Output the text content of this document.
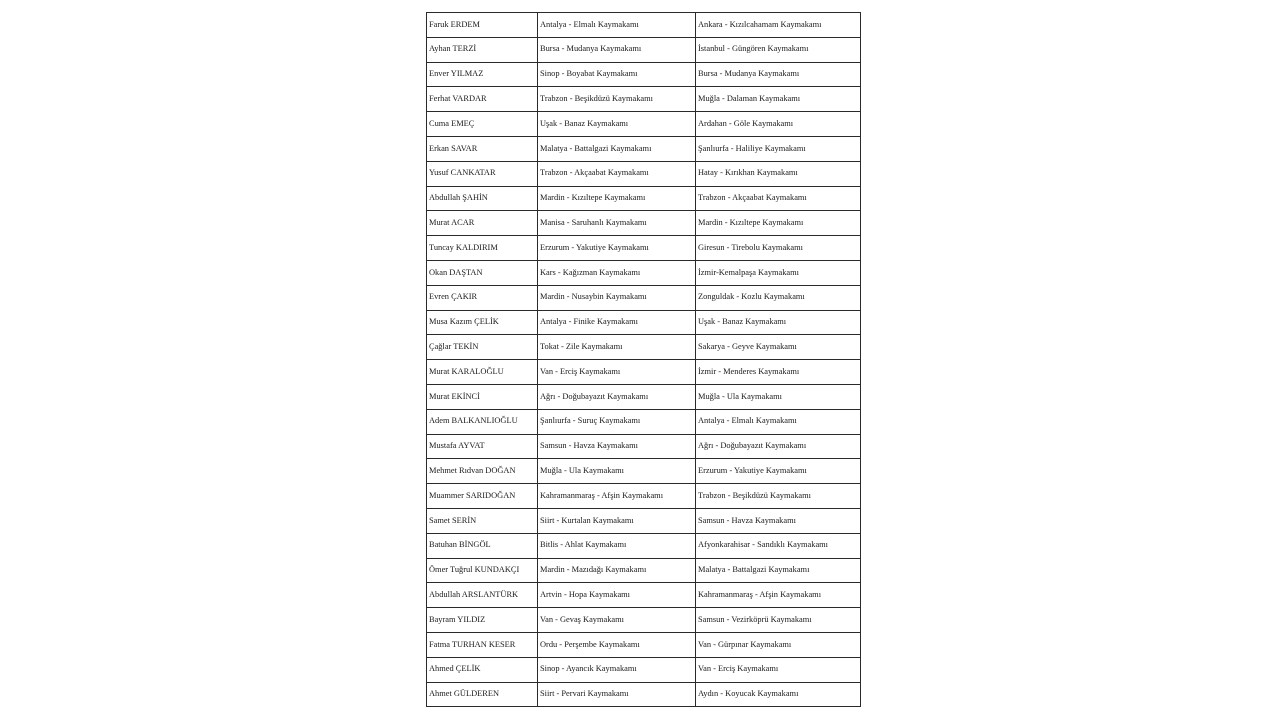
Faruk ERDEM	Antalya - Elmalı Kaymakamı	Ankara - Kızılcahamam Kaymakamı
Ayhan TERZİ	Bursa - Mudanya Kaymakamı	İstanbul - Güngören Kaymakamı
Enver YILMAZ	Sinop - Boyabat Kaymakamı	Bursa - Mudanya Kaymakamı
Ferhat VARDAR	Trabzon - Beşikdüzü Kaymakamı	Muğla - Dalaman Kaymakamı
Cuma EMEÇ	Uşak - Banaz Kaymakamı	Ardahan - Göle Kaymakamı
Erkan SAVAR	Malatya - Battalgazi Kaymakamı	Şanlıurfa - Haliliye Kaymakamı
Yusuf CANKATAR	Trabzon - Akçaabat Kaymakamı	Hatay - Kırıkhan Kaymakamı
Abdullah ŞAHİN	Mardin - Kızıltepe Kaymakamı	Trabzon - Akçaabat Kaymakamı
Murat ACAR	Manisa - Saruhanlı Kaymakamı	Mardin - Kızıltepe Kaymakamı
Tuncay KALDIRIM	Erzurum - Yakutiye Kaymakamı	Giresun - Tirebolu Kaymakamı
Okan DAŞTAN	Kars - Kağızman Kaymakamı	İzmir-Kemalpaşa Kaymakamı
Evren ÇAKIR	Mardin - Nusaybin Kaymakamı	Zonguldak - Kozlu Kaymakamı
Musa Kazım ÇELİK	Antalya - Finike Kaymakamı	Uşak - Banaz Kaymakamı
Çağlar TEKİN	Tokat - Zile Kaymakamı	Sakarya - Geyve Kaymakamı
Murat KARALOĞLU	Van - Erciş Kaymakamı	İzmir - Menderes Kaymakamı
Murat EKİNCİ	Ağrı - Doğubayazıt Kaymakamı	Muğla - Ula Kaymakamı
Adem BALKANLIOĞLU	Şanlıurfa - Suruç Kaymakamı	Antalya - Elmalı Kaymakamı
Mustafa AYVAT	Samsun - Havza Kaymakamı	Ağrı - Doğubayazıt Kaymakamı
Mehmet Rıdvan DOĞAN	Muğla - Ula Kaymakamı	Erzurum - Yakutiye Kaymakamı
Muammer SARIDOĞAN	Kahramanmaraş - Afşin Kaymakamı	Trabzon - Beşikdüzü Kaymakamı
Samet SERİN	Siirt - Kurtalan Kaymakamı	Samsun - Havza Kaymakamı
Batuhan BİNGÖL	Bitlis - Ahlat Kaymakamı	Afyonkarahisar - Sandıklı Kaymakamı
Ömer Tuğrul KUNDAKÇI	Mardin - Mazıdağı Kaymakamı	Malatya - Battalgazi Kaymakamı
Abdullah ARSLANTÜRK	Artvin - Hopa Kaymakamı	Kahramanmaraş - Afşin Kaymakamı
Bayram YILDIZ	Van - Gevaş Kaymakamı	Samsun - Vezirköprü Kaymakamı
Fatma TURHAN KESER	Ordu - Perşembe Kaymakamı	Van - Gürpınar Kaymakamı
Ahmed ÇELİK	Sinop - Ayancık Kaymakamı	Van - Erciş Kaymakamı
Ahmet GÜLDEREN	Siirt - Pervari Kaymakamı	Aydın - Koyucak Kaymakamı
